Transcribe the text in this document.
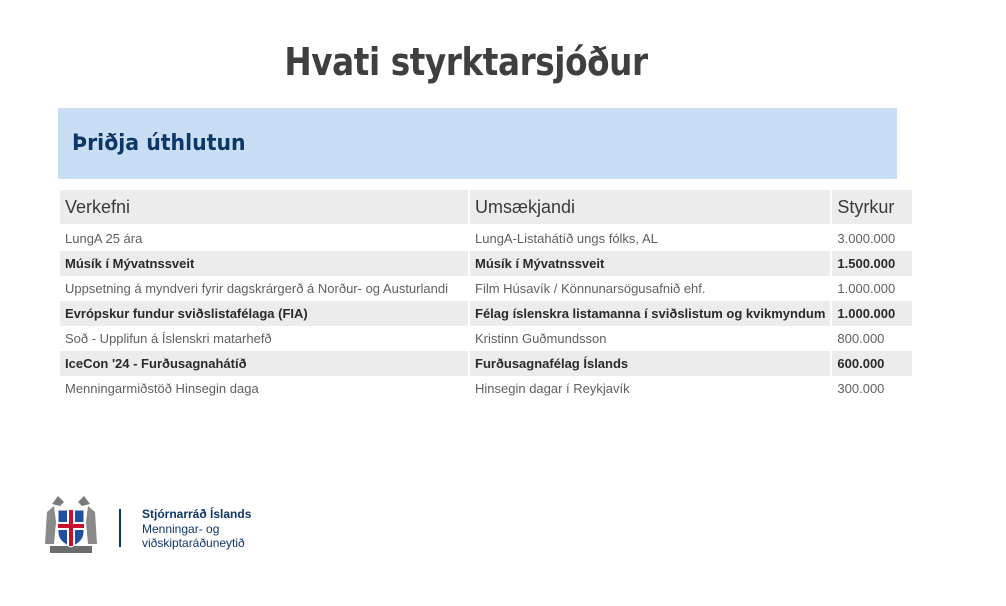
Hvati styrktarsjóður
Þriðja úthlutun
Verkefni	Umsækjandi	Styrkur
LungA 25 ára	LungA-Listahátíð ungs fólks, AL	3.000.000
Músík í Mývatnssveit	Músík í Mývatnssveit	1.500.000
Uppsetning á myndveri fyrir dagskrárgerð á Norður- og Austurlandi	Film Húsavík / Könnunarsögusafnið ehf.	1.000.000
Evrópskur fundur sviðslistafélaga (FIA)	Félag íslenskra listamanna í sviðslistum og kvikmyndum	1.000.000
Soð - Upplifun á Íslenskri matarhefð	Kristinn Guðmundsson	800.000
IceCon '24 - Furðusagnahátíð	Furðusagnafélag Íslands	600.000
Menningarmiðstöð Hinsegin daga	Hinsegin dagar í Reykjavík	300.000
Stjórnarráð Íslands
Menningar- og viðskiptaráðuneytið
